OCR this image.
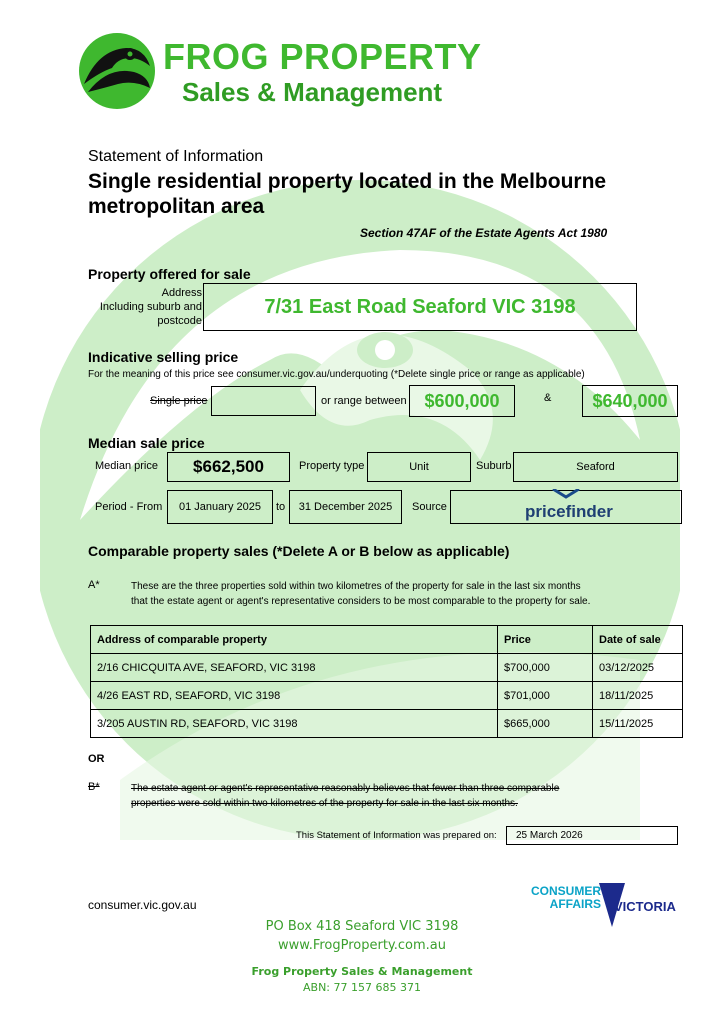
FROG PROPERTY
Sales & Management
Statement of Information
Single residential property located in the Melbourne
metropolitan area
Section 47AF of the Estate Agents Act 1980
Property offered for sale
Address
Including suburb and
postcode
7/31 East Road Seaford VIC 3198
Indicative selling price
For the meaning of this price see consumer.vic.gov.au/underquoting (*Delete single price or range as applicable)
Single price	or range between $600,000	&	$640,000
Median sale price
Median price	$662,500	Property type	Unit	Suburb	Seaford
Period - From	01 January 2025	to	31 December 2025	Source	pricefinder
Comparable property sales (*Delete A or B below as applicable)
A*	These are the three properties sold within two kilometres of the property for sale in the last six months
that the estate agent or agent's representative considers to be most comparable to the property for sale.
Address of comparable property	Price	Date of sale
2/16 CHICQUITA AVE, SEAFORD, VIC 3198	$700,000	03/12/2025
4/26 EAST RD, SEAFORD, VIC 3198	$701,000	18/11/2025
3/205 AUSTIN RD, SEAFORD, VIC 3198	$665,000	15/11/2025
OR
B*	The estate agent or agent's representative reasonably believes that fewer than three comparable
properties were sold within two kilometres of the property for sale in the last six months.
This Statement of Information was prepared on:	25 March 2026
consumer.vic.gov.au
CONSUMER
AFFAIRS VICTORIA
PO Box 418 Seaford VIC 3198
www.FrogProperty.com.au
Frog Property Sales & Management
ABN: 77 157 685 371
